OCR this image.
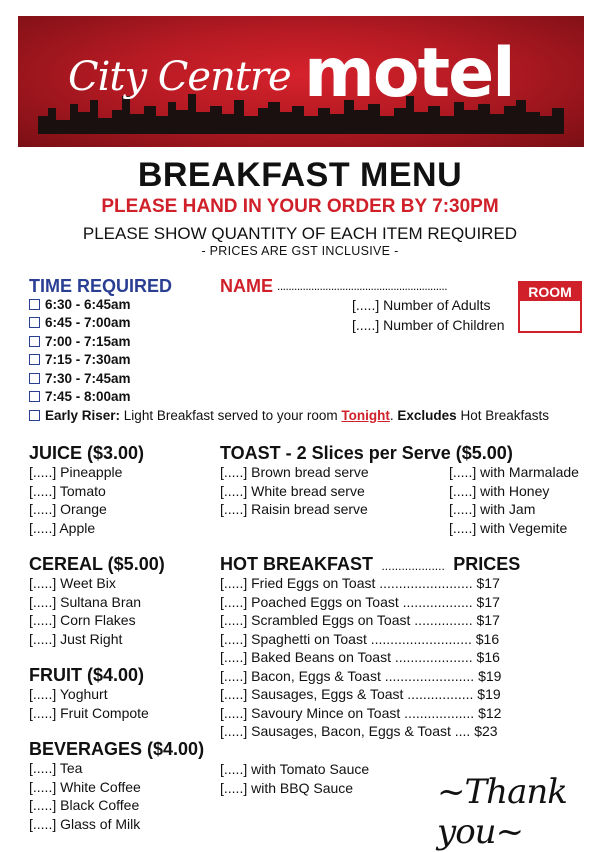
City Centre motel
BREAKFAST MENU
PLEASE HAND IN YOUR ORDER BY 7:30PM
PLEASE SHOW QUANTITY OF EACH ITEM REQUIRED
- PRICES ARE GST INCLUSIVE -
TIME REQUIRED
6:30 - 6:45am
6:45 - 7:00am
7:00 - 7:15am
7:15 - 7:30am
7:30 - 7:45am
7:45 - 8:00am
Early Riser: Light Breakfast served to your room Tonight . Excludes Hot Breakfasts
NAME ............................................................
[.....] Number of Adults
[.....] Number of Children
ROOM
JUICE ($3.00)
[.....] Pineapple
[.....] Tomato
[.....] Orange
[.....] Apple
CEREAL ($5.00)
[.....] Weet Bix
[.....] Sultana Bran
[.....] Corn Flakes
[.....] Just Right
FRUIT ($4.00)
[.....] Yoghurt
[.....] Fruit Compote
BEVERAGES ($4.00)
[.....] Tea
[.....] White Coffee
[.....] Black Coffee
[.....] Glass of Milk
TOAST - 2 Slices per Serve ($5.00)
[.....] Brown bread serve
[.....] White bread serve
[.....] Raisin bread serve
[.....] with Marmalade
[.....] with Honey
[.....] with Jam
[.....] with Vegemite
HOT BREAKFAST ................... PRICES
[.....] Fried Eggs on Toast ........................ $17
[.....] Poached Eggs on Toast .................. $17
[.....] Scrambled Eggs on Toast ............... $17
[.....] Spaghetti on Toast .......................... $16
[.....] Baked Beans on Toast .................... $16
[.....] Bacon, Eggs & Toast ....................... $19
[.....] Sausages, Eggs & Toast ................. $19
[.....] Savoury Mince on Toast .................. $12
[.....] Sausages, Bacon, Eggs & Toast .... $23
[.....] with Tomato Sauce
[.....] with BBQ Sauce	~Thank you~
